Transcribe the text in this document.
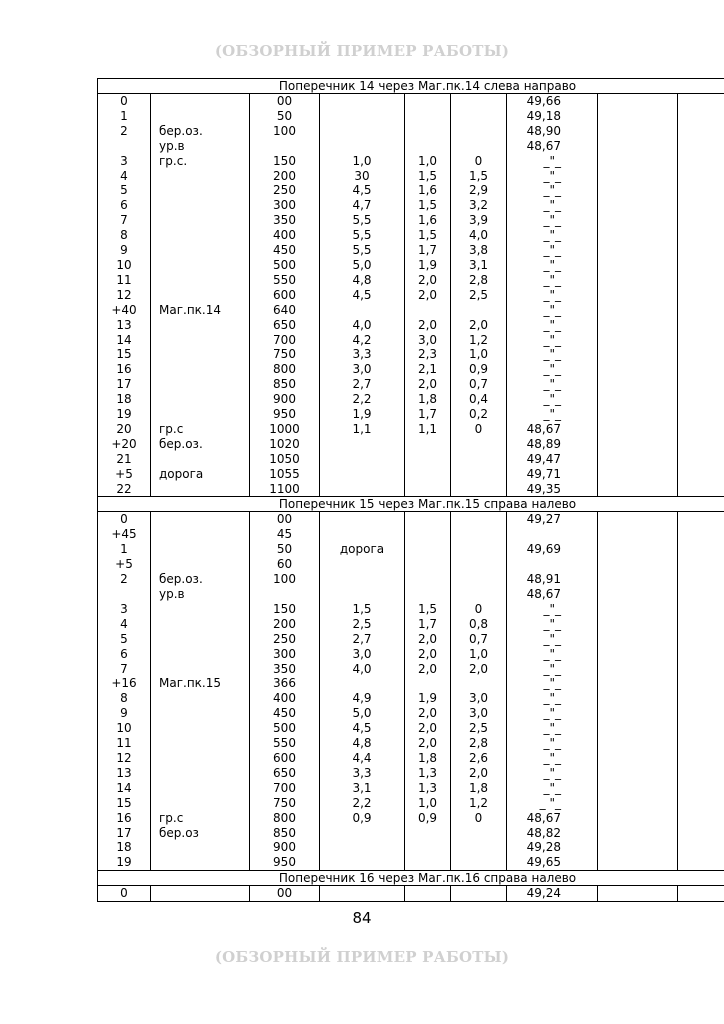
(ОБЗОРНЫЙ ПРИМЕР РАБОТЫ)
Поперечник 14 через Маг.пк.14 слева направо								
0		00				49,66		
1		50				49,18		
2	бер.оз.	100				48,90		
	ур.в					48,67		
3	гр.с.	150	1,0	1,0	0	_"_		
4		200	30	1,5	1,5	_"_		
5		250	4,5	1,6	2,9	_"_		
6		300	4,7	1,5	3,2	_"_		
7		350	5,5	1,6	3,9	_"_		
8		400	5,5	1,5	4,0	_"_		
9		450	5,5	1,7	3,8	_"_		
10		500	5,0	1,9	3,1	_"_		
11		550	4,8	2,0	2,8	_"_		
12		600	4,5	2,0	2,5	_"_		
+40	Маг.пк.14	640				_"_		
13		650	4,0	2,0	2,0	_"_		
14		700	4,2	3,0	1,2	_"_		
15		750	3,3	2,3	1,0	_"_		
16		800	3,0	2,1	0,9	_"_		
17		850	2,7	2,0	0,7	_"_		
18		900	2,2	1,8	0,4	_"_		
19		950	1,9	1,7	0,2	_"_		
20	гр.с	1000	1,1	1,1	0	48,67		
+20	бер.оз.	1020				48,89		
21		1050				49,47		
+5	дорога	1055				49,71		
22		1100				49,35		
Поперечник 15 через Маг.пк.15 справа налево								
0		00				49,27		
+45		45						
1		50	дорога			49,69		
+5		60						
2	бер.оз.	100				48,91		
	ур.в					48,67		
3		150	1,5	1,5	0	_"_		
4		200	2,5	1,7	0,8	_"_		
5		250	2,7	2,0	0,7	_"_		
6		300	3,0	2,0	1,0	_"_		
7		350	4,0	2,0	2,0	_"_		
+16	Маг.пк.15	366				_"_		
8		400	4,9	1,9	3,0	_"_		
9		450	5,0	2,0	3,0	_"_		
10		500	4,5	2,0	2,5	_"_		
11		550	4,8	2,0	2,8	_"_		
12		600	4,4	1,8	2,6	_"_		
13		650	3,3	1,3	2,0	_"_		
14		700	3,1	1,3	1,8	_"_		
15		750	2,2	1,0	1,2	_ "_		
16	гр.с	800	0,9	0,9	0	48,67		
17	бер.оз	850				48,82		
18		900				49,28		
19		950				49,65		
Поперечник 16 через Маг.пк.16 справа налево								
0		00				49,24		
84
(ОБЗОРНЫЙ ПРИМЕР РАБОТЫ)
